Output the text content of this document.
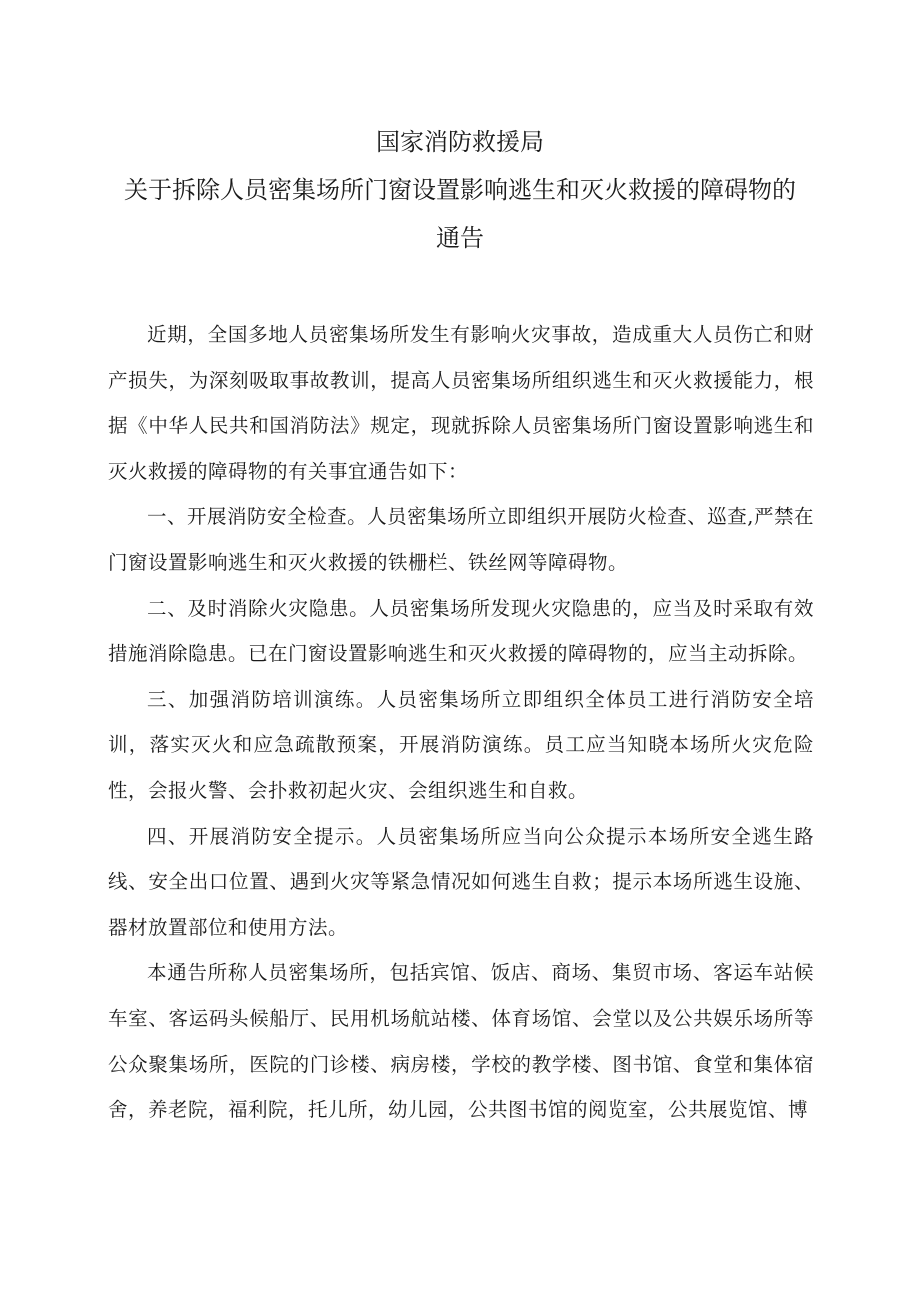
国家消防救援局
关于拆除人员密集场所门窗设置影响逃生和灭火救援的障碍物的
通告

近期，全国多地人员密集场所发生有影响火灾事故，造成重大人员伤亡和财产损失，为深刻吸取事故教训，提高人员密集场所组织逃生和灭火救援能力，根据《中华人民共和国消防法》规定，现就拆除人员密集场所门窗设置影响逃生和灭火救援的障碍物的有关事宜通告如下：

一、开展消防安全检查。人员密集场所立即组织开展防火检查、巡查,严禁在门窗设置影响逃生和灭火救援的铁栅栏、铁丝网等障碍物。

二、及时消除火灾隐患。人员密集场所发现火灾隐患的，应当及时采取有效措施消除隐患。已在门窗设置影响逃生和灭火救援的障碍物的，应当主动拆除。

三、加强消防培训演练。人员密集场所立即组织全体员工进行消防安全培训，落实灭火和应急疏散预案，开展消防演练。员工应当知晓本场所火灾危险性，会报火警、会扑救初起火灾、会组织逃生和自救。

四、开展消防安全提示。人员密集场所应当向公众提示本场所安全逃生路线、安全出口位置、遇到火灾等紧急情况如何逃生自救；提示本场所逃生设施、器材放置部位和使用方法。

本通告所称人员密集场所，包括宾馆、饭店、商场、集贸市场、客运车站候车室、客运码头候船厅、民用机场航站楼、体育场馆、会堂以及公共娱乐场所等公众聚集场所，医院的门诊楼、病房楼，学校的教学楼、图书馆、食堂和集体宿舍，养老院，福利院，托儿所，幼儿园，公共图书馆的阅览室，公共展览馆、博
